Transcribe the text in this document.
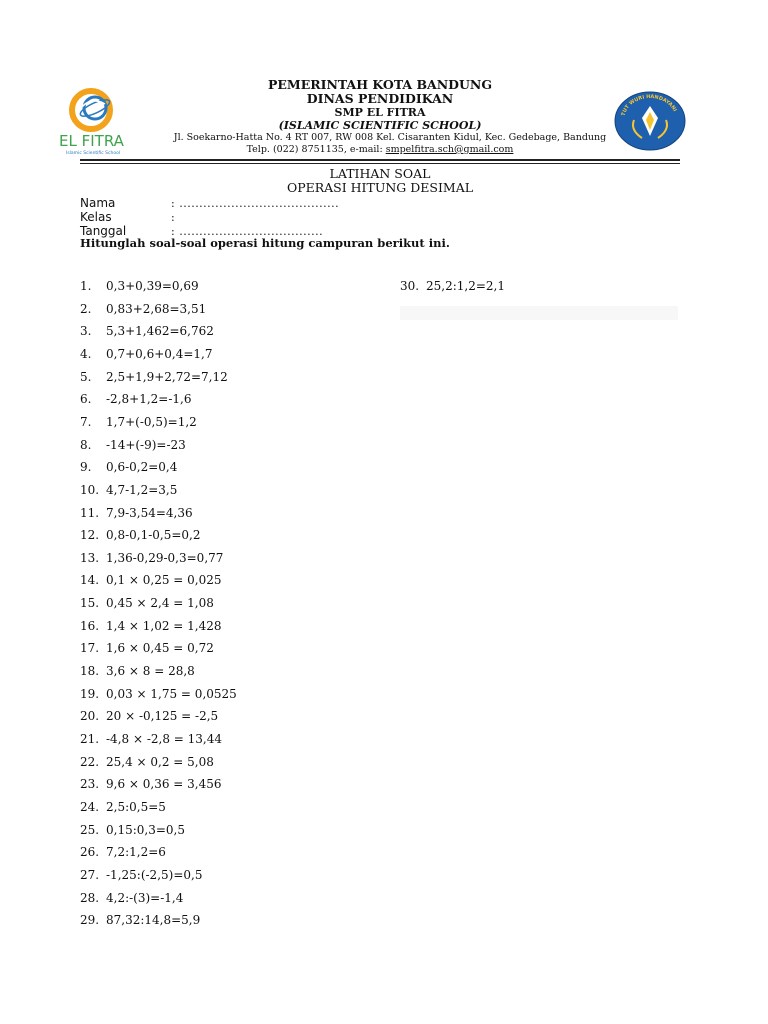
EL FITRA
Islamic Scientific School
TUT WURI HANDAYANI
PEMERINTAH KOTA BANDUNG
DINAS PENDIDIKAN
SMP EL FITRA
(ISLAMIC SCIENTIFIC SCHOOL)
Jl. Soekarno-Hatta No. 4 RT 007, RW 008 Kel. Cisaranten Kidul, Kec. Gedebage, Bandung
Telp. (022) 8751135, e-mail: smpelfitra.sch@gmail.com
LATIHAN SOAL
OPERASI HITUNG DESIMAL
Nama	: ........................................
Kelas	:
Tanggal	: ....................................
Hitunglah soal-soal operasi hitung campuran berikut ini.
1. 0,3+0,39=0,69
2. 0,83+2,68=3,51
3. 5,3+1,462=6,762
4. 0,7+0,6+0,4=1,7
5. 2,5+1,9+2,72=7,12
6. -2,8+1,2=-1,6
7. 1,7+(-0,5)=1,2
8. -14+(-9)=-23
9. 0,6-0,2=0,4
10. 4,7-1,2=3,5
11. 7,9-3,54=4,36
12. 0,8-0,1-0,5=0,2
13. 1,36-0,29-0,3=0,77
14. 0,1 × 0,25 = 0,025
15. 0,45 × 2,4 = 1,08
16. 1,4 × 1,02 = 1,428
17. 1,6 × 0,45 = 0,72
18. 3,6 × 8 = 28,8
19. 0,03 × 1,75 = 0,0525
20. 20 × -0,125 = -2,5
21. -4,8 × -2,8 = 13,44
22. 25,4 × 0,2 = 5,08
23. 9,6 × 0,36 = 3,456
24. 2,5:0,5=5
25. 0,15:0,3=0,5
26. 7,2:1,2=6
27. -1,25:(-2,5)=0,5
28. 4,2:-(3)=-1,4
29. 87,32:14,8=5,9
30. 25,2:1,2=2,1
